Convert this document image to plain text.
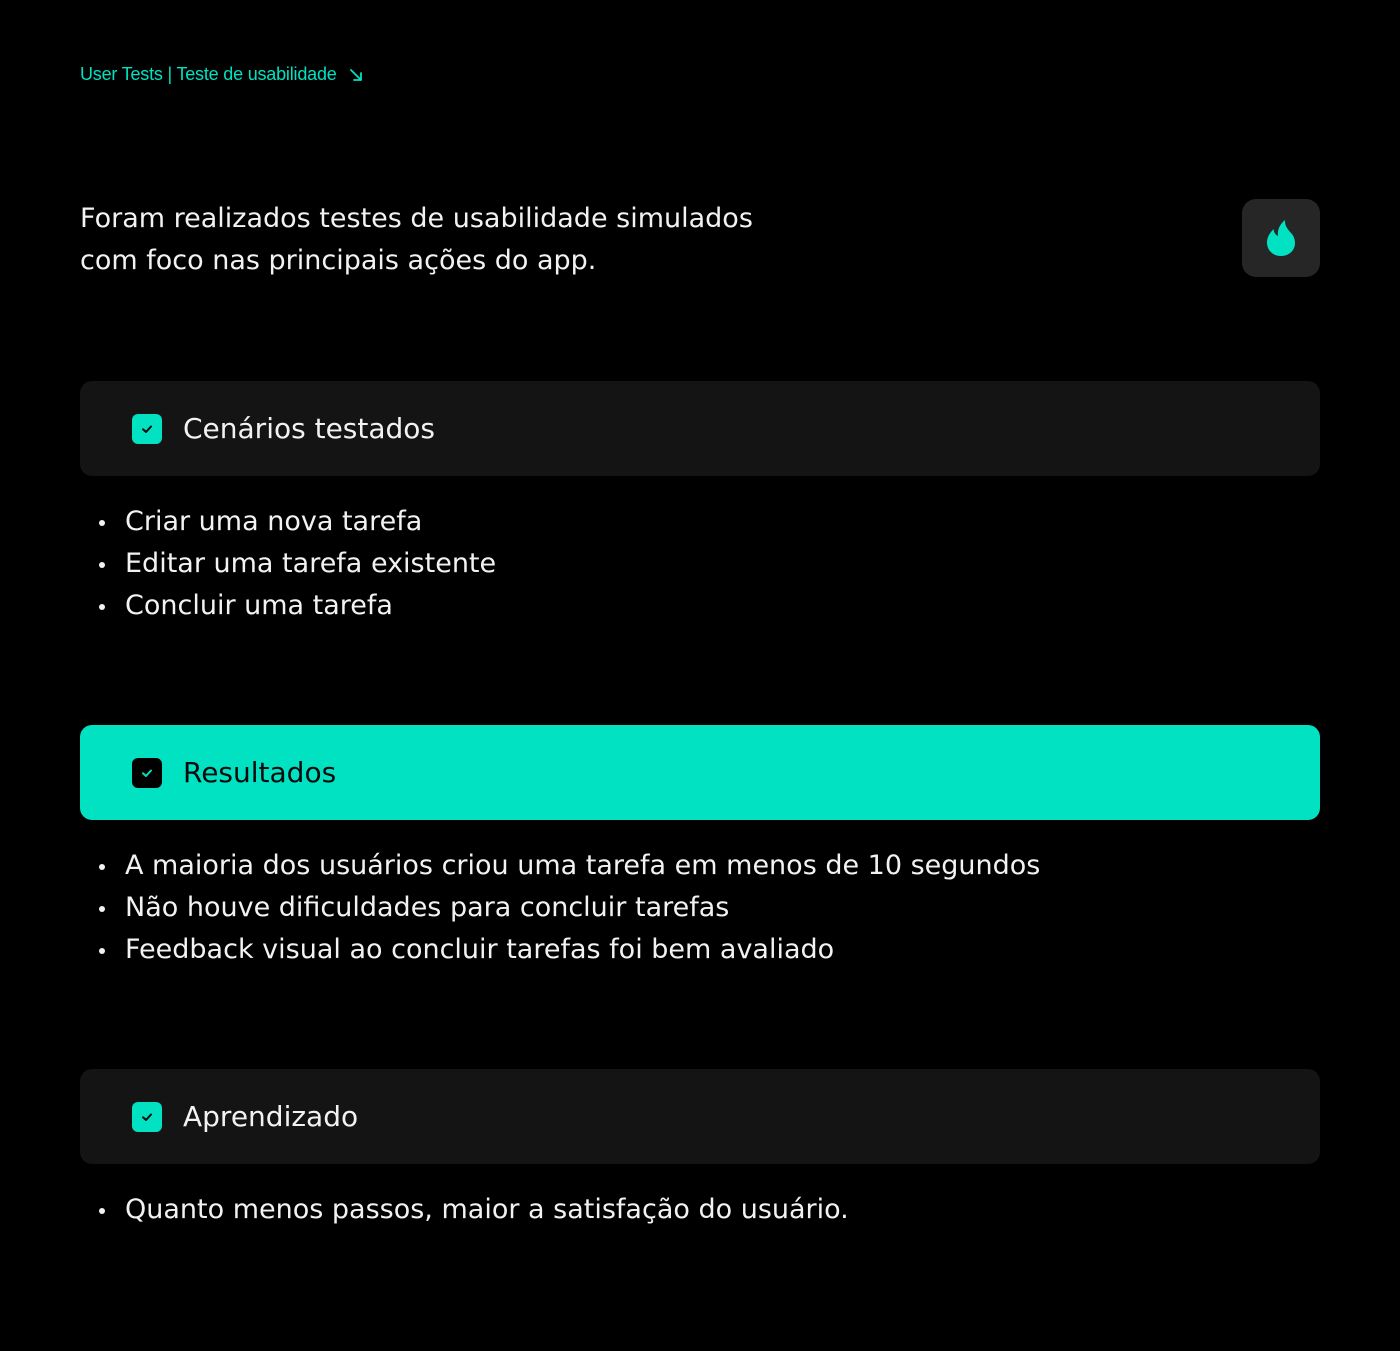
User Tests | Teste de usabilidade

Foram realizados testes de usabilidade simulados
com foco nas principais ações do app.

Cenários testados
Criar uma nova tarefa
Editar uma tarefa existente
Concluir uma tarefa
Resultados
A maioria dos usuários criou uma tarefa em menos de 10 segundos
Não houve dificuldades para concluir tarefas
Feedback visual ao concluir tarefas foi bem avaliado
Aprendizado
Quanto menos passos, maior a satisfação do usuário.
